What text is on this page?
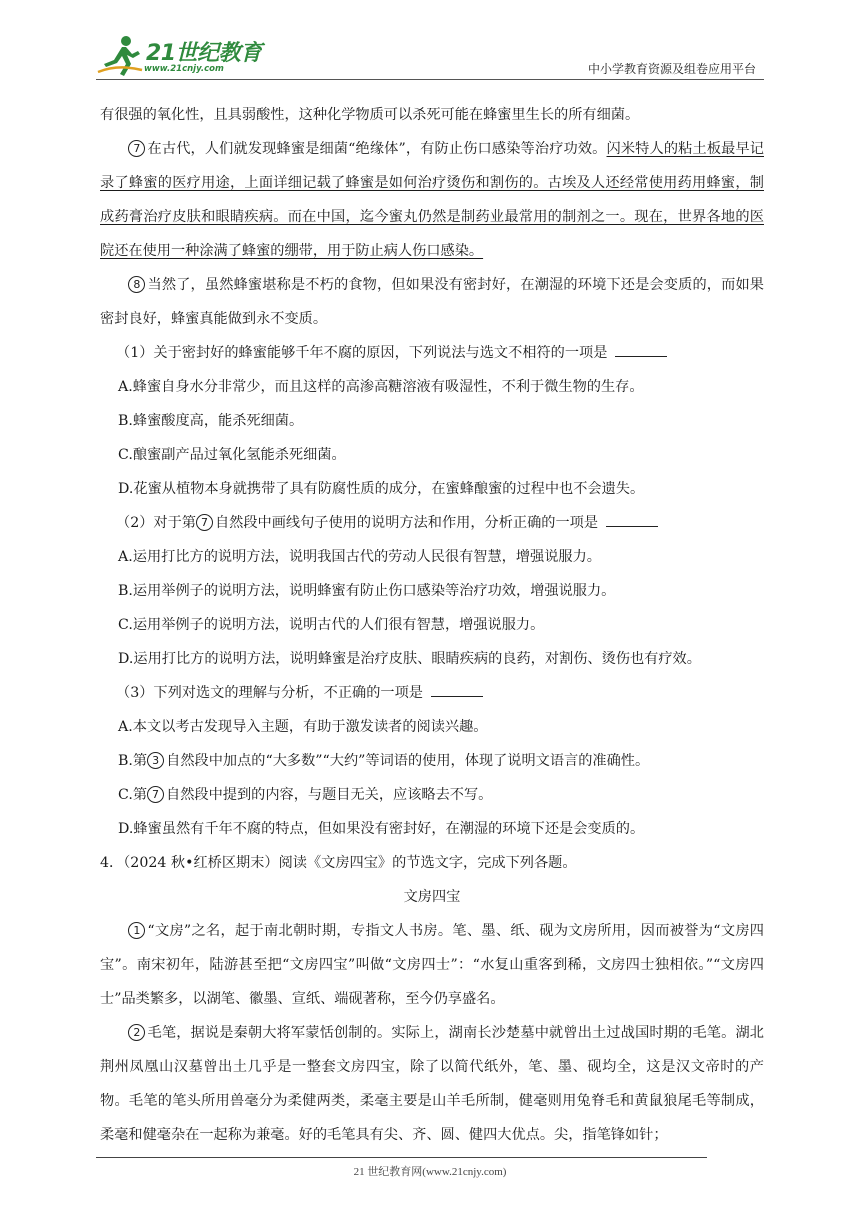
21世纪教育
www.21cnjy.com	中小学教育资源及组卷应用平台

有很强的氧化性，且具弱酸性，这种化学物质可以杀死可能在蜂蜜里生长的所有细菌。

7 在古代，人们就发现蜂蜜是细菌“绝缘体”，有防止伤口感染等治疗功效。闪米特人的粘土板最早记录了蜂蜜的医疗用途，上面详细记载了蜂蜜是如何治疗烫伤和割伤的。古埃及人还经常使用药用蜂蜜，制成药膏治疗皮肤和眼睛疾病。而在中国，迄今蜜丸仍然是制药业最常用的制剂之一。现在，世界各地的医院还在使用一种涂满了蜂蜜的绷带，用于防止病人伤口感染。

8 当然了，虽然蜂蜜堪称是不朽的食物，但如果没有密封好，在潮湿的环境下还是会变质的，而如果密封良好，蜂蜜真能做到永不变质。

（1）关于密封好的蜂蜜能够千年不腐的原因，下列说法与选文不相符的一项是

A.蜂蜜自身水分非常少，而且这样的高渗高糖溶液有吸湿性，不利于微生物的生存。

B.蜂蜜酸度高，能杀死细菌。

C.酿蜜副产品过氧化氢能杀死细菌。

D.花蜜从植物本身就携带了具有防腐性质的成分，在蜜蜂酿蜜的过程中也不会遗失。

（2）对于第 7 自然段中画线句子使用的说明方法和作用，分析正确的一项是

A.运用打比方的说明方法，说明我国古代的劳动人民很有智慧，增强说服力。

B.运用举例子的说明方法，说明蜂蜜有防止伤口感染等治疗功效，增强说服力。

C.运用举例子的说明方法，说明古代的人们很有智慧，增强说服力。

D.运用打比方的说明方法，说明蜂蜜是治疗皮肤、眼睛疾病的良药，对割伤、烫伤也有疗效。

（3）下列对选文的理解与分析，不正确的一项是

A.本文以考古发现导入主题，有助于激发读者的阅读兴趣。

B.第 3 自然段中加点的“大多数”“大约”等词语的使用，体现了说明文语言的准确性。

C.第 7 自然段中提到的内容，与题目无关，应该略去不写。

D.蜂蜜虽然有千年不腐的特点，但如果没有密封好，在潮湿的环境下还是会变质的。

4．（2024 秋•红桥区期末）阅读《文房四宝》的节选文字，完成下列各题。

文房四宝

1 “文房”之名，起于南北朝时期，专指文人书房。笔、墨、纸、砚为文房所用，因而被誉为“文房四宝”。南宋初年，陆游甚至把“文房四宝”叫做“文房四士”：“水复山重客到稀，文房四士独相依。”“文房四士”品类繁多，以湖笔、徽墨、宣纸、端砚著称，至今仍享盛名。

2 毛笔，据说是秦朝大将军蒙恬创制的。实际上，湖南长沙楚墓中就曾出土过战国时期的毛笔。湖北荆州凤凰山汉墓曾出土几乎是一整套文房四宝，除了以简代纸外，笔、墨、砚均全，这是汉文帝时的产物。毛笔的笔头所用兽毫分为柔健两类，柔毫主要是山羊毛所制，健毫则用兔脊毛和黄鼠狼尾毛等制成，柔毫和健毫杂在一起称为兼毫。好的毛笔具有尖、齐、圆、健四大优点。尖，指笔锋如针；

21 世纪教育网(www.21cnjy.com)
